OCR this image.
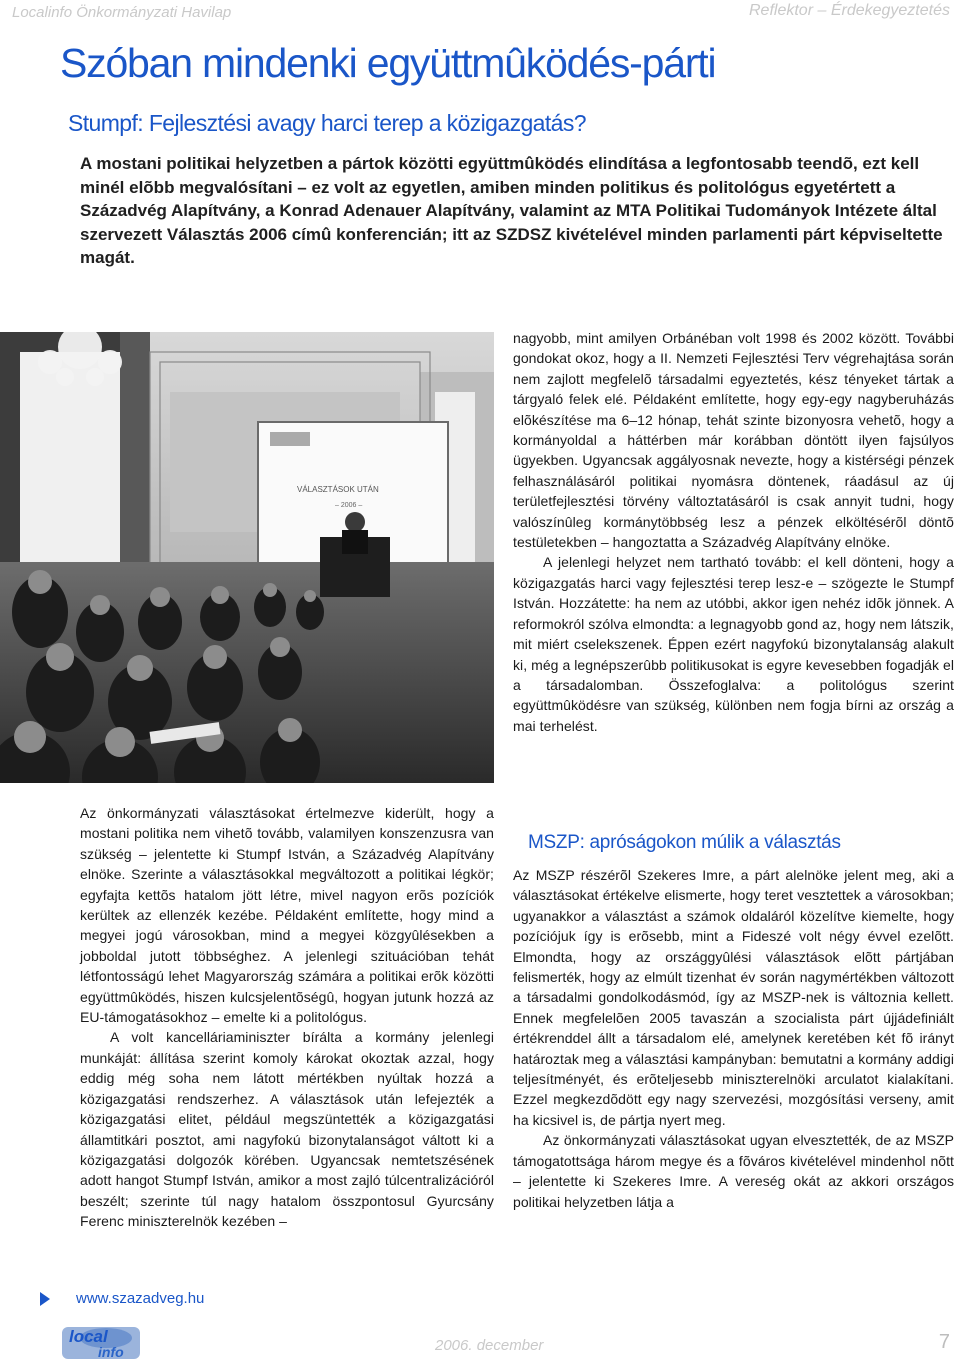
Localinfo Önkormányzati Havilap	Reflektor – Érdekegyeztetés
Szóban mindenki együttmûködés-párti
Stumpf: Fejlesztési avagy harci terep a közigazgatás?

A mostani politikai helyzetben a pártok közötti együttmûködés elindítása a legfontosabb teendõ, ezt kell minél elõbb megvalósítani – ez volt az egyetlen, amiben minden politikus és politológus egyetértett a Századvég Alapítvány, a Konrad Adenauer Alapítvány, valamint az MTA Politikai Tudományok Intézete által szervezett Választás 2006 címû konferencián; itt az SZDSZ kivételével minden parlamenti párt képviseltette magát.

VÁLASZTÁSOK UTÁN
– 2006 –

Az önkormányzati választásokat értelmezve kiderült, hogy a mostani politika nem vihetõ tovább, valamilyen konszenzusra van szükség – jelentette ki Stumpf István, a Századvég Alapítvány elnöke. Szerinte a választásokkal megváltozott a politikai légkör; egyfajta kettõs hatalom jött létre, mivel nagyon erõs pozíciók kerültek az ellenzék kezébe. Példaként említette, hogy mind a megyei jogú városokban, mind a megyei közgyûlésekben a jobboldal jutott többséghez. A jelenlegi szituációban tehát létfontosságú lehet Magyarország számára a politikai erõk közötti együttmûködés, hiszen kulcsjelentõségû, hogyan jutunk hozzá az EU-támogatásokhoz – emelte ki a politológus.

A volt kancelláriaminiszter bírálta a kormány jelenlegi munkáját: állítása szerint komoly károkat okoztak azzal, hogy eddig még soha nem látott mértékben nyúltak hozzá a közigazgatási rendszerhez. A választások után lefejezték a közigazgatási elitet, például megszüntették a közigazgatási államtitkári posztot, ami nagyfokú bizonytalanságot váltott ki a közigazgatási dolgozók körében. Ugyancsak nemtetszésének adott hangot Stumpf István, amikor a most zajló túlcentralizációról beszélt; szerinte túl nagy hatalom összpontosul Gyurcsány Ferenc miniszterelnök kezében –

nagyobb, mint amilyen Orbánéban volt 1998 és 2002 között. További gondokat okoz, hogy a II. Nemzeti Fejlesztési Terv végrehajtása során nem zajlott megfelelõ társadalmi egyeztetés, kész tényeket tártak a tárgyaló felek elé. Példaként említette, hogy egy-egy nagyberuházás elõkészítése ma 6–12 hónap, tehát szinte bizonyosra vehetõ, hogy a kormányoldal a háttérben már korábban döntött ilyen fajsúlyos ügyekben. Ugyancsak aggályosnak nevezte, hogy a kistérségi pénzek felhasználásáról politikai nyomásra döntenek, ráadásul az új területfejlesztési törvény változtatásáról is csak annyit tudni, hogy valószínûleg kormánytöbbség lesz a pénzek elköltésérõl döntõ testületekben – hangoztatta a Századvég Alapítvány elnöke.

A jelenlegi helyzet nem tartható tovább: el kell dönteni, hogy a közigazgatás harci vagy fejlesztési terep lesz-e – szögezte le Stumpf István. Hozzátette: ha nem az utóbbi, akkor igen nehéz idõk jönnek. A reformokról szólva elmondta: a legnagyobb gond az, hogy nem látszik, mit miért cselekszenek. Éppen ezért nagyfokú bizonytalanság alakult ki, még a legnépszerûbb politikusokat is egyre kevesebben fogadják el a társadalomban. Összefoglalva: a politológus szerint együttmûködésre van szükség, különben nem fogja bírni az ország a mai terhelést.

MSZP: apróságokon múlik a választás

Az MSZP részérõl Szekeres Imre, a párt alelnöke jelent meg, aki a választásokat értékelve elismerte, hogy teret vesztettek a városokban; ugyanakkor a választást a számok oldaláról közelítve kiemelte, hogy pozíciójuk így is erõsebb, mint a Fideszé volt négy évvel ezelõtt. Elmondta, hogy az országgyûlési választások elõtt pártjában felismerték, hogy az elmúlt tizenhat év során nagymértékben változott a társadalmi gondolkodásmód, így az MSZP-nek is változnia kellett. Ennek megfelelõen 2005 tavaszán a szocialista párt újjádefiniált értékrenddel állt a társadalom elé, amelynek keretében két fõ irányt határoztak meg a választási kampányban: bemutatni a kormány addigi teljesítményét, és erõteljesebb miniszterelnöki arculatot kialakítani. Ezzel megkezdõdött egy nagy szervezési, mozgósítási verseny, amit ha kicsivel is, de pártja nyert meg.

Az önkormányzati választásokat ugyan elvesztették, de az MSZP támogatottsága három megye és a fõváros kivételével mindenhol nõtt – jelentette ki Szekeres Imre. A vereség okát az akkori országos politikai helyzetben látja a

www.szazadveg.hu
local
info	2006. december	7
